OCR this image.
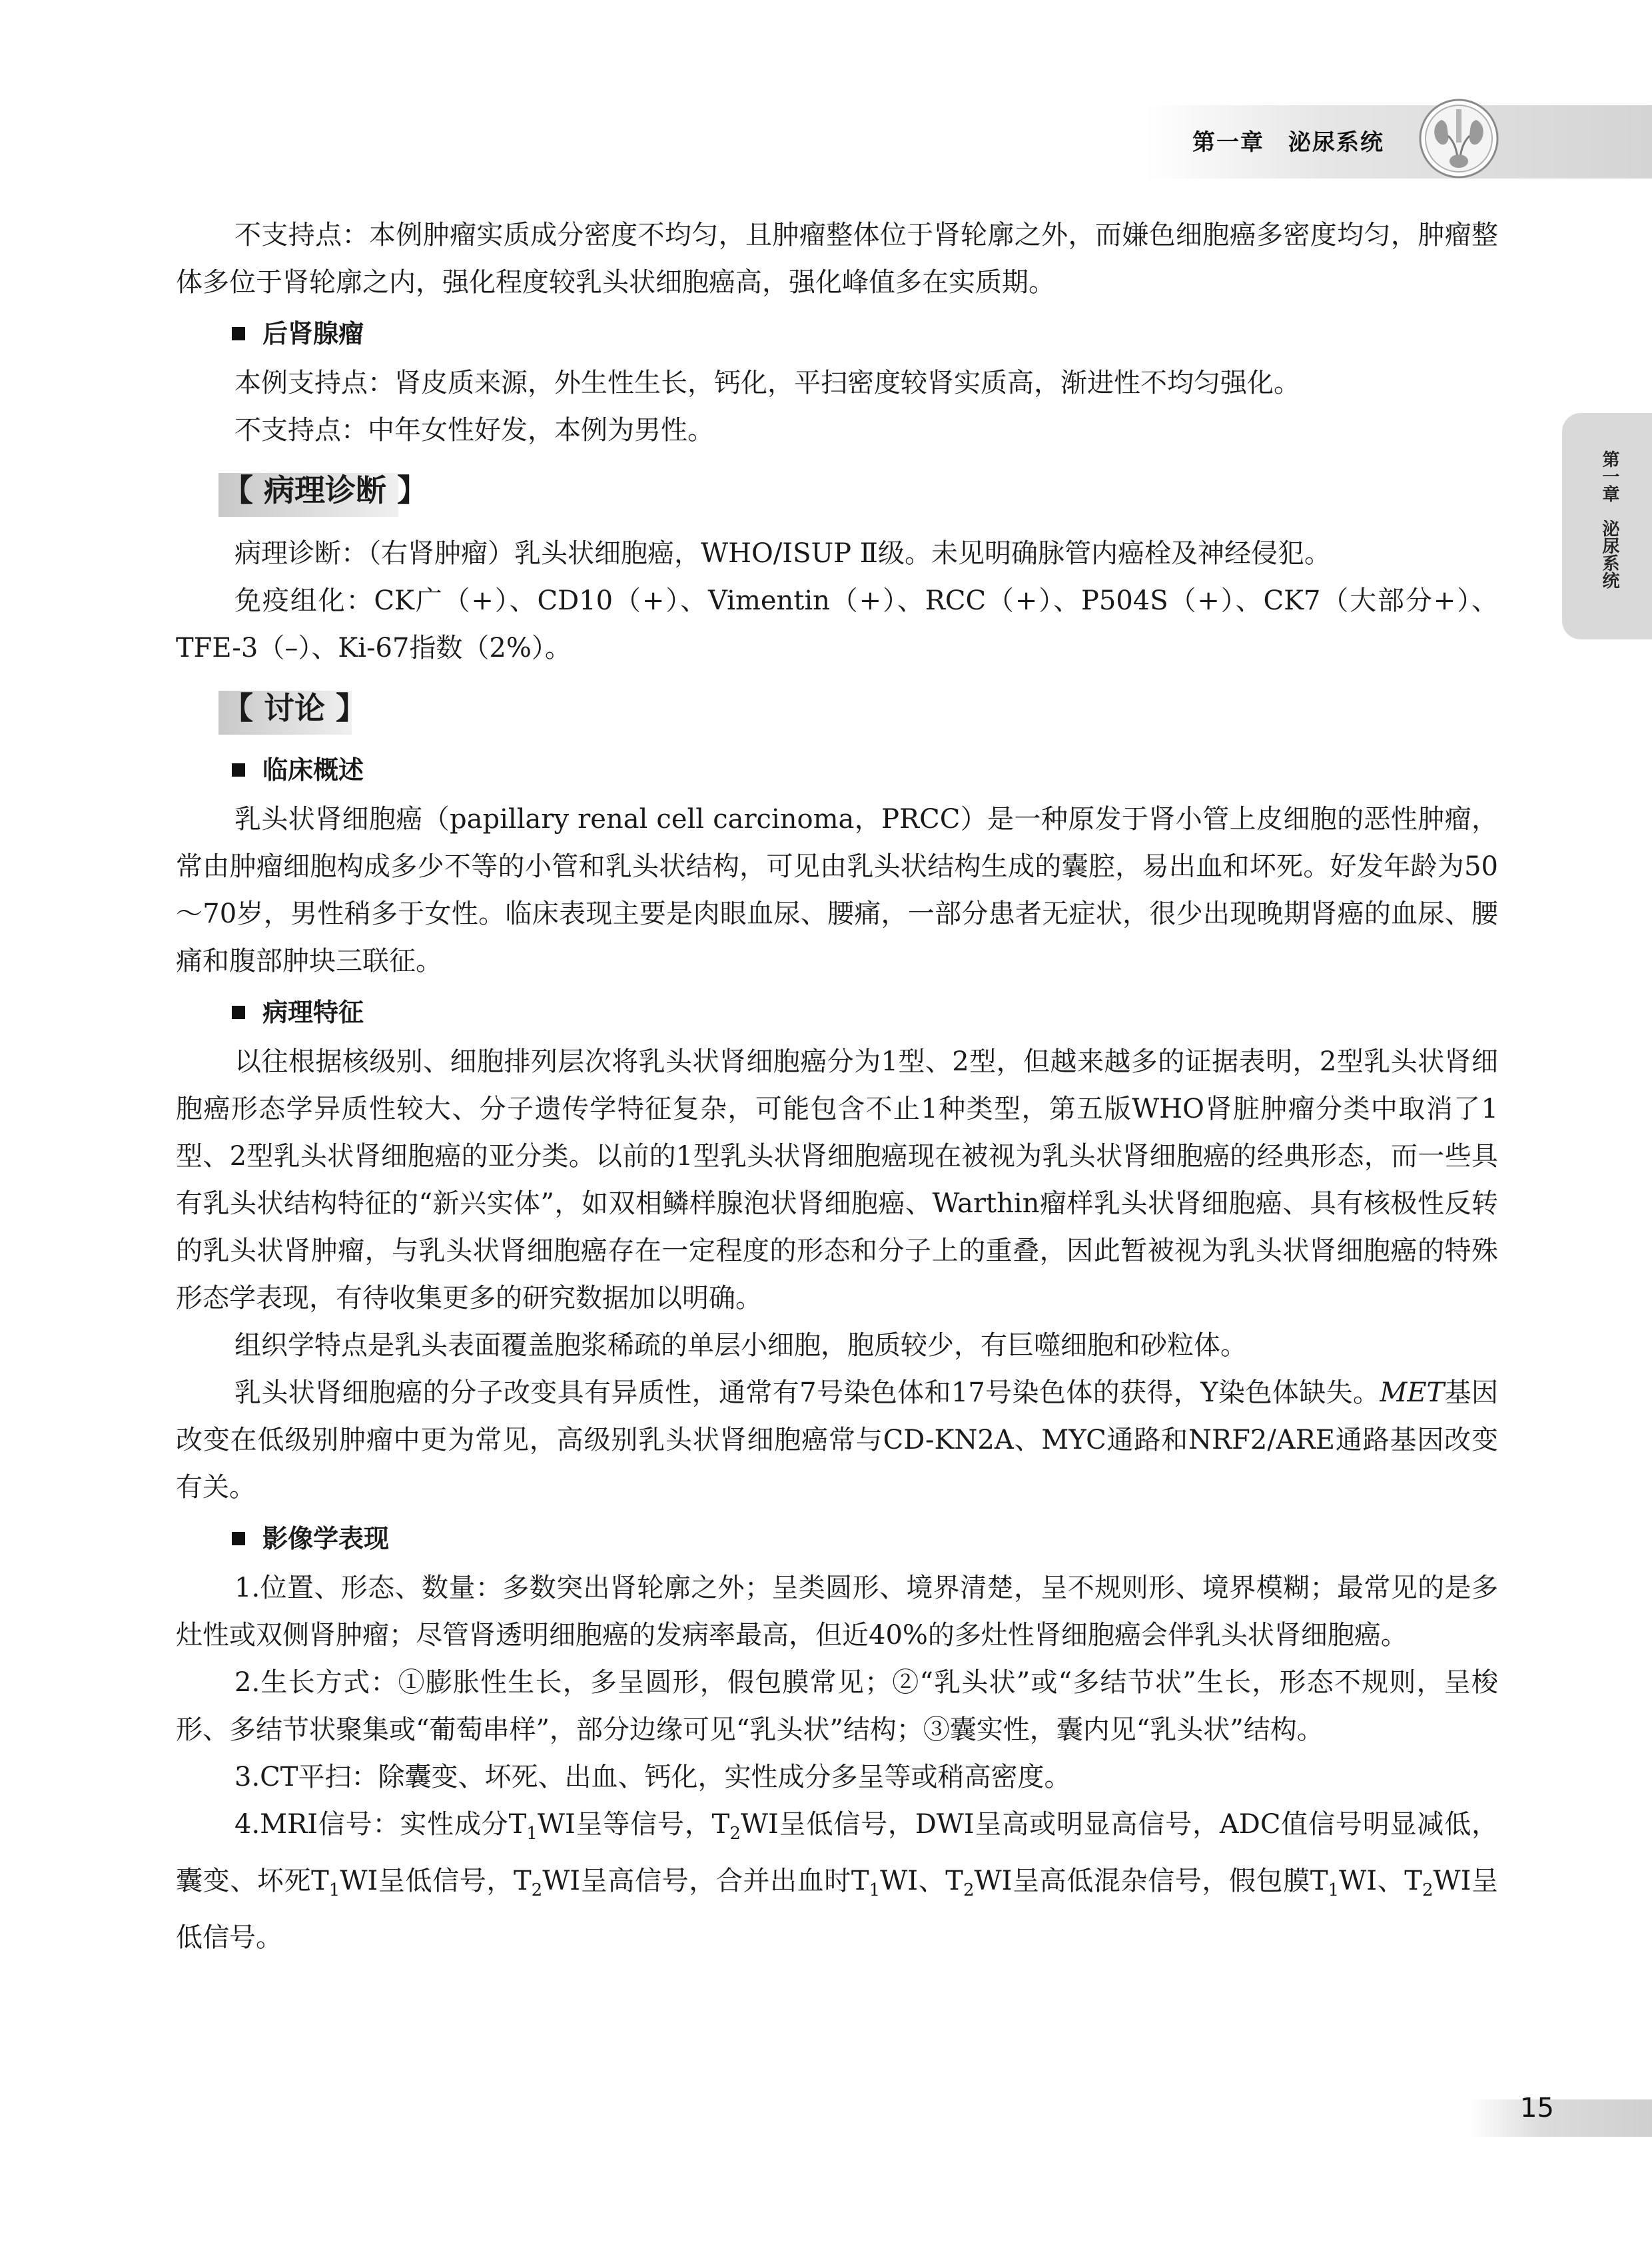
第一章　泌尿系统
第一章　泌尿系统

不支持点：本例肿瘤实质成分密度不均匀，且肿瘤整体位于肾轮廓之外，而嫌色细胞癌多密度均匀，肿瘤整体多位于肾轮廓之内，强化程度较乳头状细胞癌高，强化峰值多在实质期。

后肾腺瘤

本例支持点：肾皮质来源，外生性生长，钙化，平扫密度较肾实质高，渐进性不均匀强化。

不支持点：中年女性好发，本例为男性。

【 病理诊断 】

病理诊断：（右肾肿瘤）乳头状细胞癌，WHO/ISUP Ⅱ级。未见明确脉管内癌栓及神经侵犯。

免疫组化：CK广（+）、CD10（+）、Vimentin（+）、RCC（+）、P504S（+）、CK7（大部分+）、TFE-3（–）、Ki-67指数（2%）。

【 讨论 】
临床概述

乳头状肾细胞癌（papillary renal cell carcinoma，PRCC）是一种原发于肾小管上皮细胞的恶性肿瘤，常由肿瘤细胞构成多少不等的小管和乳头状结构，可见由乳头状结构生成的囊腔，易出血和坏死。好发年龄为50～70岁，男性稍多于女性。临床表现主要是肉眼血尿、腰痛，一部分患者无症状，很少出现晚期肾癌的血尿、腰痛和腹部肿块三联征。

病理特征

以往根据核级别、细胞排列层次将乳头状肾细胞癌分为1型、2型，但越来越多的证据表明，2型乳头状肾细胞癌形态学异质性较大、分子遗传学特征复杂，可能包含不止1种类型，第五版WHO肾脏肿瘤分类中取消了1型、2型乳头状肾细胞癌的亚分类。以前的1型乳头状肾细胞癌现在被视为乳头状肾细胞癌的经典形态，而一些具有乳头状结构特征的“新兴实体”，如双相鳞样腺泡状肾细胞癌、Warthin瘤样乳头状肾细胞癌、具有核极性反转的乳头状肾肿瘤，与乳头状肾细胞癌存在一定程度的形态和分子上的重叠，因此暂被视为乳头状肾细胞癌的特殊形态学表现，有待收集更多的研究数据加以明确。

组织学特点是乳头表面覆盖胞浆稀疏的单层小细胞，胞质较少，有巨噬细胞和砂粒体。

乳头状肾细胞癌的分子改变具有异质性，通常有7号染色体和17号染色体的获得，Y染色体缺失。MET基因改变在低级别肿瘤中更为常见，高级别乳头状肾细胞癌常与CD-KN2A、MYC通路和NRF2/ARE通路基因改变有关。

影像学表现

1.位置、形态、数量：多数突出肾轮廓之外；呈类圆形、境界清楚，呈不规则形、境界模糊；最常见的是多灶性或双侧肾肿瘤；尽管肾透明细胞癌的发病率最高，但近40%的多灶性肾细胞癌会伴乳头状肾细胞癌。

2.生长方式：①膨胀性生长，多呈圆形，假包膜常见；②“乳头状”或“多结节状”生长，形态不规则，呈梭形、多结节状聚集或“葡萄串样”，部分边缘可见“乳头状”结构；③囊实性，囊内见“乳头状”结构。

3.CT平扫：除囊变、坏死、出血、钙化，实性成分多呈等或稍高密度。

4.MRI信号：实性成分$T_1WI$呈等信号，$T_2WI$呈低信号，DWI呈高或明显高信号，ADC值信号明显减低，囊变、坏死$T_1WI$呈低信号，$T_2WI$呈高信号，合并出血时$T_1WI$、$T_2WI$呈高低混杂信号，假包膜$T_1WI$、$T_2WI$呈低信号。

15
